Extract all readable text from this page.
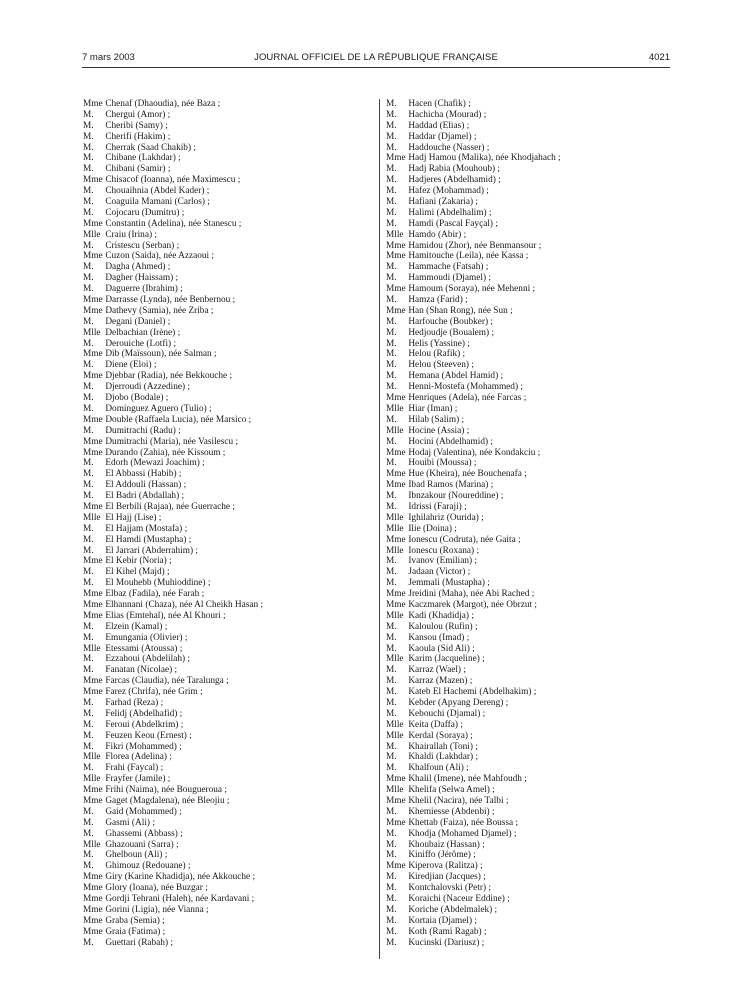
7 mars 2003	JOURNAL OFFICIEL DE LA RÉPUBLIQUE FRANÇAISE	4021
Mme Chenaf (Dhaoudia), née Baza ;
M. Chergui (Amor) ;
M. Cheribi (Samy) ;
M. Cherifi (Hakim) ;
M. Cherrak (Saad Chakib) ;
M. Chibane (Lakhdar) ;
M. Chibani (Samir) ;
Mme Chisacof (Ioanna), née Maximescu ;
M. Chouaihnia (Abdel Kader) ;
M. Coaguila Mamani (Carlos) ;
M. Cojocaru (Dumitru) ;
Mme Constantin (Adelina), née Stanescu ;
Mlle Craiu (Irina) ;
M. Cristescu (Serban) ;
Mme Cuzon (Saida), née Azzaoui ;
M. Dagha (Ahmed) ;
M. Dagher (Haissam) ;
M. Daguerre (Ibrahim) ;
Mme Darrasse (Lynda), née Benbernou ;
Mme Dathevy (Samia), née Zriba ;
M. Degani (Daniel) ;
Mlle Delbachian (Irène) ;
M. Derouiche (Lotfi) ;
Mme Dib (Maïssoun), née Salman ;
M. Diene (Eloi) ;
Mme Djebbar (Radia), née Bekkouche ;
M. Djerroudi (Azzedine) ;
M. Djobo (Bodale) ;
M. Dominguez Aguero (Tulio) ;
Mme Double (Raffaela Lucia), née Marsico ;
M. Dumitrachi (Radu) ;
Mme Dumitrachi (Maria), née Vasilescu ;
Mme Durando (Zahia), née Kissoum ;
M. Edorh (Mewazi Joachim) ;
M. El Abbassi (Habib) ;
M. El Addouli (Hassan) ;
M. El Badri (Abdallah) ;
Mme El Berbili (Rajaa), née Guerrache ;
Mlle El Hajj (Lise) ;
M. El Hajjam (Mostafa) ;
M. El Hamdi (Mustapha) ;
M. El Jarrari (Abderrahim) ;
Mme El Kebir (Noria) ;
M. El Kihel (Majd) ;
M. El Mouhebb (Muhioddine) ;
Mme Elbaz (Fadila), née Farah ;
Mme Elhannani (Chaza), née Al Cheikh Hasan ;
Mme Elias (Emtehal), née Al Khouri ;
M. Elzein (Kamal) ;
M. Emungania (Olivier) ;
Mlle Etessami (Atoussa) ;
M. Ezzahoui (Abdelilah) ;
M. Fanatan (Nicolae) ;
Mme Farcas (Claudia), née Taralunga ;
Mme Farez (Chrifa), née Grim ;
M. Farhad (Reza) ;
M. Felidj (Abdelhafid) ;
M. Feroui (Abdelkrim) ;
M. Feuzen Keou (Ernest) ;
M. Fikri (Mohammed) ;
Mlle Florea (Adelina) ;
M. Frahi (Faycal) ;
Mlle Frayfer (Jamile) ;
Mme Frihi (Naima), née Bougueroua ;
Mme Gaget (Magdalena), née Bleojiu ;
M. Gaid (Mohammed) ;
M. Gasmi (Ali) ;
M. Ghassemi (Abbass) ;
Mlle Ghazouani (Sarra) ;
M. Ghelboun (Ali) ;
M. Ghimouz (Redouane) ;
Mme Giry (Karine Khadidja), née Akkouche ;
Mme Glory (Ioana), née Buzgar ;
Mme Gordji Tehrani (Haleh), née Kardavani ;
Mme Gorini (Ligia), née Vianna ;
Mme Graba (Semia) ;
Mme Graia (Fatima) ;
M. Guettari (Rabah) ;
M. Hacen (Chafik) ;
M. Hachicha (Mourad) ;
M. Haddad (Elias) ;
M. Haddar (Djamel) ;
M. Haddouche (Nasser) ;
Mme Hadj Hamou (Malika), née Khodjahach ;
M. Hadj Rabia (Mouhoub) ;
M. Hadjeres (Abdelhamid) ;
M. Hafez (Mohammad) ;
M. Hafiani (Zakaria) ;
M. Halimi (Abdelhalim) ;
M. Hamdi (Pascal Fayçal) ;
Mlle Hamdo (Abir) ;
Mme Hamidou (Zhor), née Benmansour ;
Mme Hamitouche (Leila), née Kassa ;
M. Hammache (Fatsah) ;
M. Hammoudi (Djamel) ;
Mme Hamoum (Soraya), née Mehenni ;
M. Hamza (Farid) ;
Mme Han (Shan Rong), née Sun ;
M. Harfouche (Boubker) ;
M. Hedjoudje (Boualem) ;
M. Helis (Yassine) ;
M. Helou (Rafik) ;
M. Helou (Steeven) ;
M. Hemana (Abdel Hamid) ;
M. Henni-Mostefa (Mohammed) ;
Mme Henriques (Adela), née Farcas ;
Mlle Hiar (Iman) ;
M. Hilab (Salim) ;
Mlle Hocine (Assia) ;
M. Hocini (Abdelhamid) ;
Mme Hodaj (Valentina), née Kondakciu ;
M. Houibi (Moussa) ;
Mme Hue (Kheira), née Bouchenafa ;
Mme Ibad Ramos (Marina) ;
M. Ibnzakour (Noureddine) ;
M. Idrissi (Faraji) ;
Mlle Ighilahriz (Ourida) ;
Mlle Ilie (Doina) ;
Mme Ionescu (Codruta), née Gaita ;
Mlle Ionescu (Roxana) ;
M. Ivanov (Emilian) ;
M. Jadaan (Victor) ;
M. Jemmali (Mustapha) ;
Mme Jreidini (Maha), née Abi Rached ;
Mme Kaczmarek (Margot), née Obrzut ;
Mlle Kadi (Khadidja) ;
M. Kaloulou (Rufin) ;
M. Kansou (Imad) ;
M. Kaoula (Sid Ali) ;
Mlle Karim (Jacqueline) ;
M. Karraz (Wael) ;
M. Karraz (Mazen) ;
M. Kateb El Hachemi (Abdelhakim) ;
M. Kebder (Apyang Dereng) ;
M. Kebouchi (Djamal) ;
Mlle Keita (Daffa) ;
Mlle Kerdal (Soraya) ;
M. Khairallah (Toni) ;
M. Khaldi (Lakhdar) ;
M. Khalfoun (Ali) ;
Mme Khalil (Imene), née Mahfoudh ;
Mlle Khelifa (Selwa Amel) ;
Mme Khelil (Nacira), née Talbi ;
M. Khemiesse (Abdenbi) ;
Mme Khettab (Faiza), née Boussa ;
M. Khodja (Mohamed Djamel) ;
M. Khoubaiz (Hassan) ;
M. Kiniffo (Jérôme) ;
Mme Kiperova (Ralitza) ;
M. Kiredjian (Jacques) ;
M. Kontchalovski (Petr) ;
M. Koraichi (Naceur Eddine) ;
M. Koriche (Abdelmalek) ;
M. Kortaia (Djamel) ;
M. Koth (Rami Ragab) ;
M. Kucinski (Dariusz) ;
